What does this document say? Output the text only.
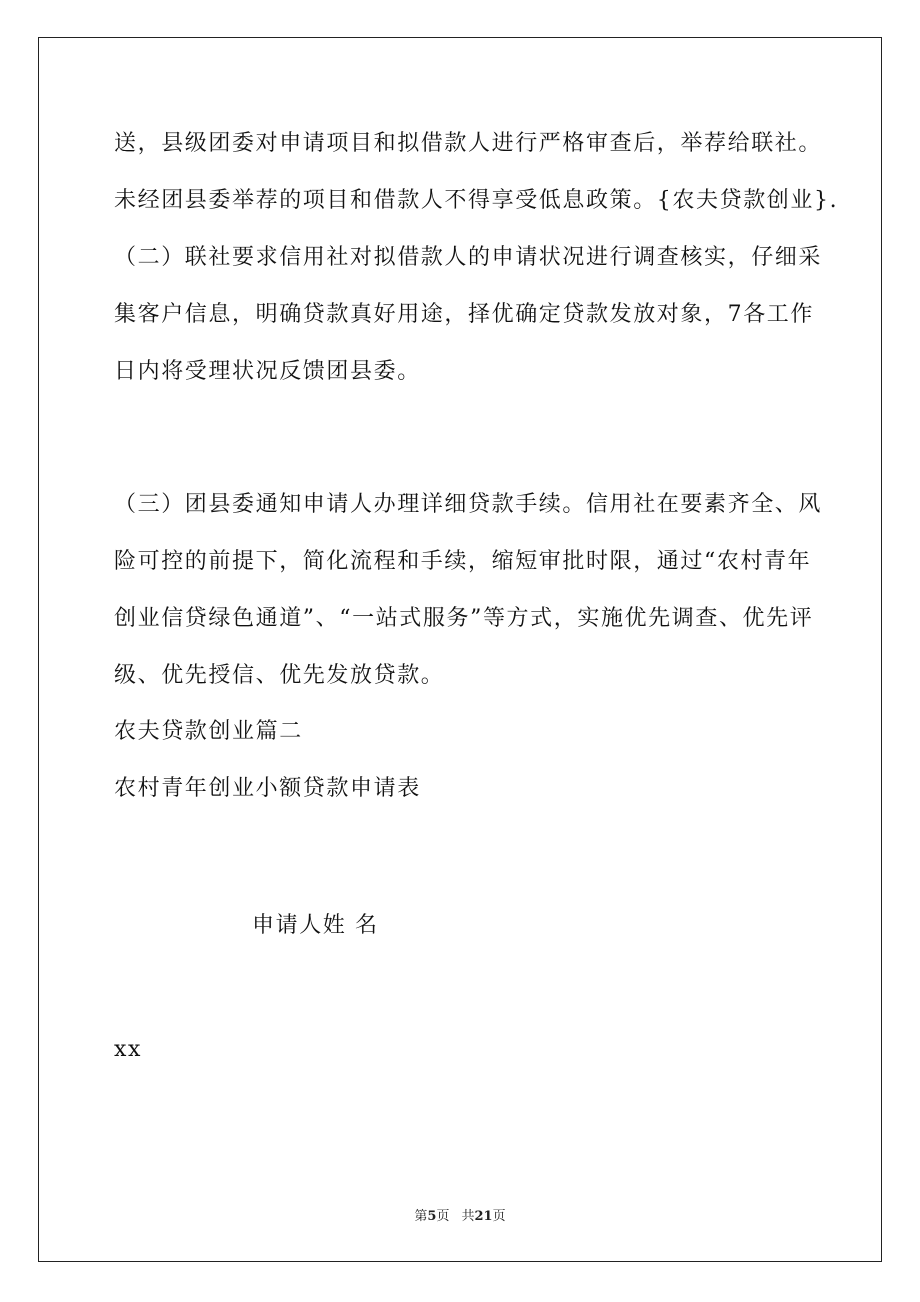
送，县级团委对申请项目和拟借款人进行严格审查后，举荐给联社。
未经团县委举荐的项目和借款人不得享受低息政策。{农夫贷款创业}.
（二）联社要求信用社对拟借款人的申请状况进行调查核实，仔细采
集客户信息，明确贷款真好用途，择优确定贷款发放对象，7各工作
日内将受理状况反馈团县委。
（三）团县委通知申请人办理详细贷款手续。信用社在要素齐全、风
险可控的前提下，简化流程和手续，缩短审批时限，通过“农村青年
创业信贷绿色通道”、“一站式服务”等方式，实施优先调查、优先评
级、优先授信、优先发放贷款。
农夫贷款创业篇二
农村青年创业小额贷款申请表
申请人姓 名
xx
第5页 共21页
